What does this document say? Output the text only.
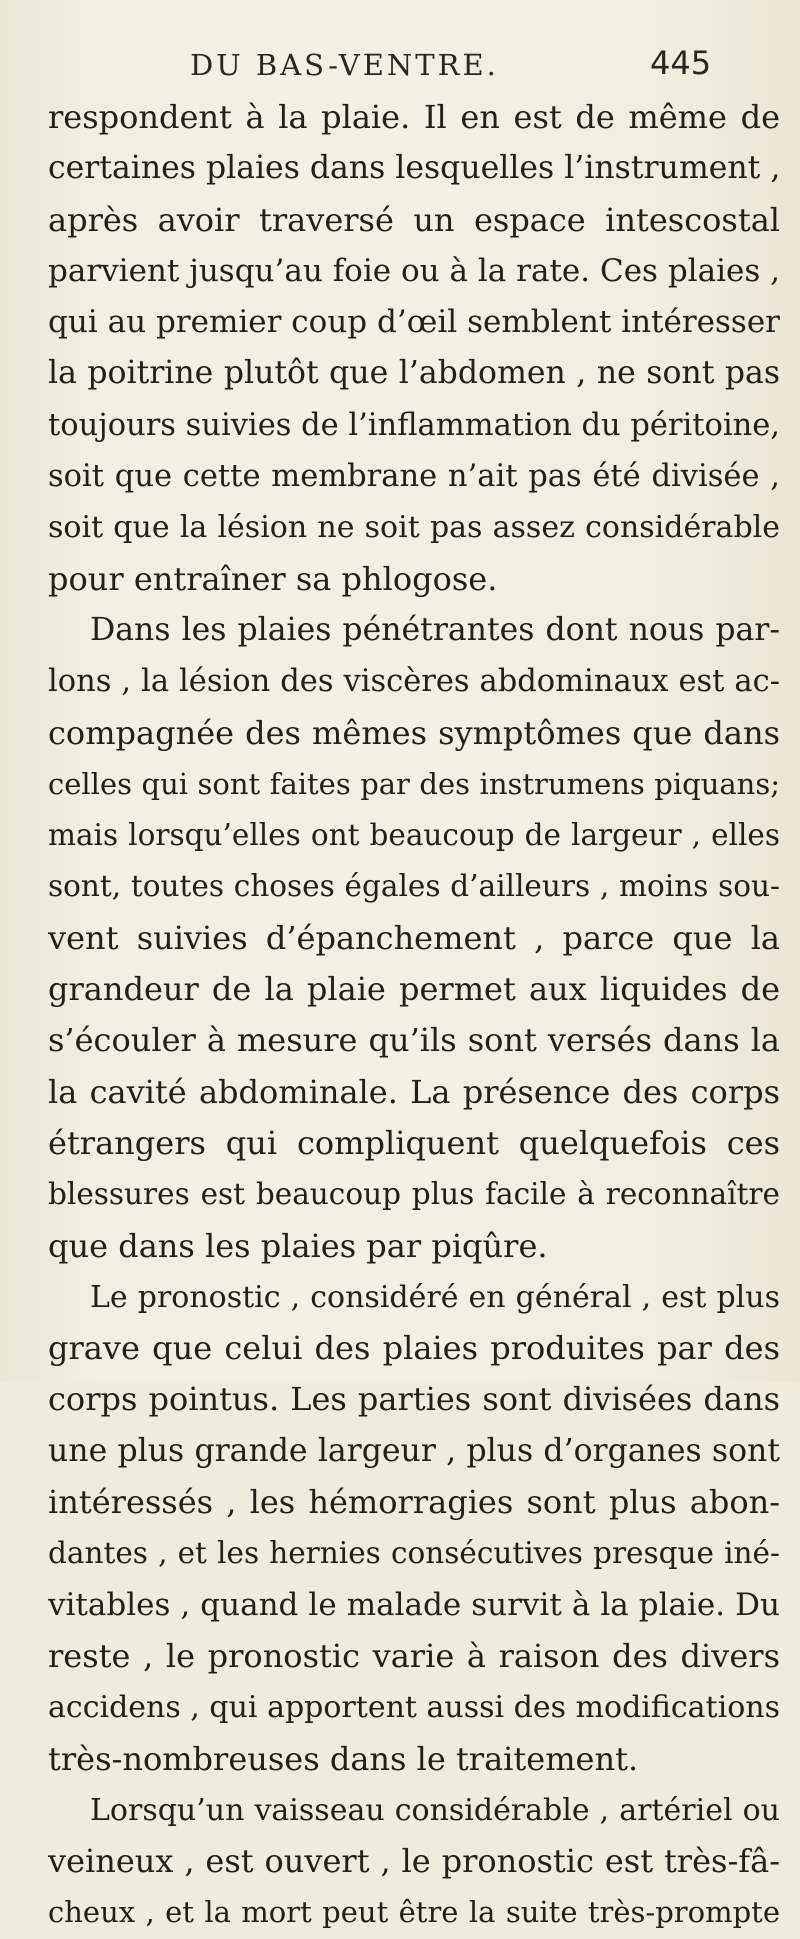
DU BAS-VENTRE.	445
respondent à la plaie. Il en est de même de
certaines plaies dans lesquelles l’instrument ,
après avoir traversé un espace intescostal
parvient jusqu’au foie ou à la rate. Ces plaies ,
qui au premier coup d’œil semblent intéresser
la poitrine plutôt que l’abdomen , ne sont pas
toujours suivies de l’inflammation du péritoine,
soit que cette membrane n’ait pas été divisée ,
soit que la lésion ne soit pas assez considérable
pour entraîner sa phlogose.
Dans les plaies pénétrantes dont nous par-
lons , la lésion des viscères abdominaux est ac-
compagnée des mêmes symptômes que dans
celles qui sont faites par des instrumens piquans;
mais lorsqu’elles ont beaucoup de largeur , elles
sont, toutes choses égales d’ailleurs , moins sou-
vent suivies d’épanchement , parce que la
grandeur de la plaie permet aux liquides de
s’écouler à mesure qu’ils sont versés dans la
la cavité abdominale. La présence des corps
étrangers qui compliquent quelquefois ces
blessures est beaucoup plus facile à reconnaître
que dans les plaies par piqûre.
Le pronostic , considéré en général , est plus
grave que celui des plaies produites par des
corps pointus. Les parties sont divisées dans
une plus grande largeur , plus d’organes sont
intéressés , les hémorragies sont plus abon-
dantes , et les hernies consécutives presque iné-
vitables , quand le malade survit à la plaie. Du
reste , le pronostic varie à raison des divers
accidens , qui apportent aussi des modifications
très-nombreuses dans le traitement.
Lorsqu’un vaisseau considérable , artériel ou
veineux , est ouvert , le pronostic est très-fâ-
cheux , et la mort peut être la suite très-prompte
